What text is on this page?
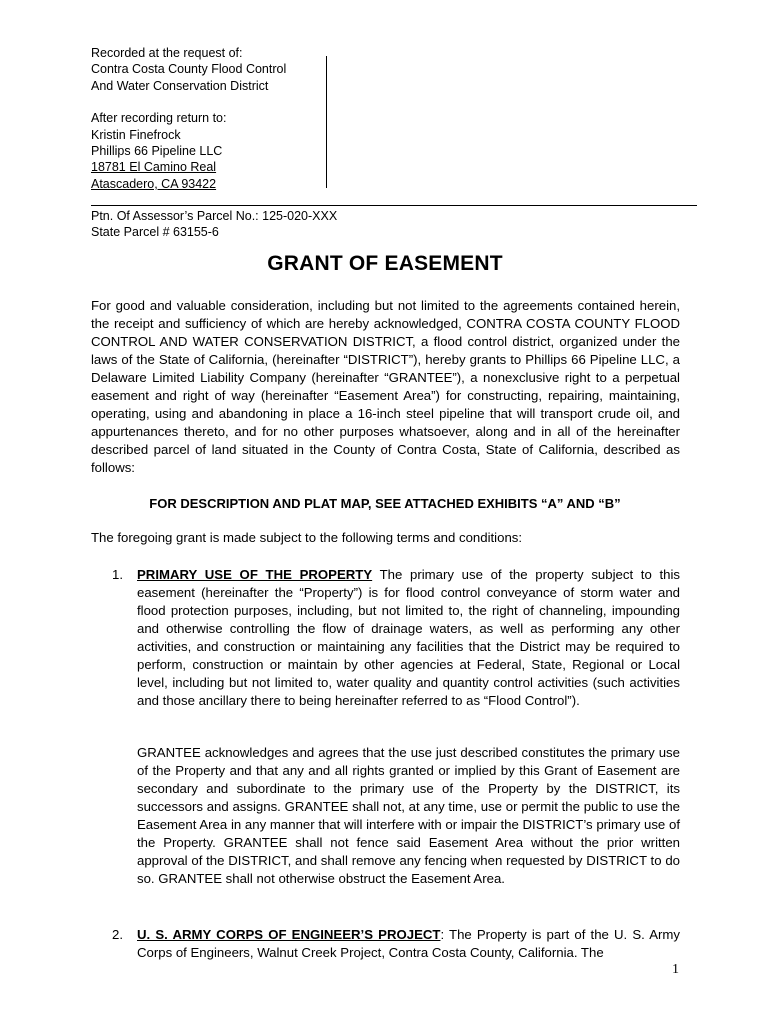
Recorded at the request of:
Contra Costa County Flood Control
And Water Conservation District
After recording return to:
Kristin Finefrock
Phillips 66 Pipeline LLC
18781 El Camino Real
Atascadero, CA 93422
Ptn. Of Assessor’s Parcel No.: 125-020-XXX
State Parcel # 63155-6
GRANT OF EASEMENT
For good and valuable consideration, including but not limited to the agreements contained herein, the receipt and sufficiency of which are hereby acknowledged, CONTRA COSTA COUNTY FLOOD CONTROL AND WATER CONSERVATION DISTRICT, a flood control district, organized under the laws of the State of California, (hereinafter “DISTRICT”), hereby grants to Phillips 66 Pipeline LLC, a Delaware Limited Liability Company (hereinafter “GRANTEE”), a nonexclusive right to a perpetual easement and right of way (hereinafter “Easement Area”) for constructing, repairing, maintaining, operating, using and abandoning in place a 16-inch steel pipeline that will transport crude oil, and appurtenances thereto, and for no other purposes whatsoever, along and in all of the hereinafter described parcel of land situated in the County of Contra Costa, State of California, described as follows:
FOR DESCRIPTION AND PLAT MAP, SEE ATTACHED EXHIBITS “A” AND “B”
The foregoing grant is made subject to the following terms and conditions:
1. PRIMARY USE OF THE PROPERTY The primary use of the property subject to this easement (hereinafter the “Property”) is for flood control conveyance of storm water and flood protection purposes, including, but not limited to, the right of channeling, impounding and otherwise controlling the flow of drainage waters, as well as performing any other activities, and construction or maintaining any facilities that the District may be required to perform, construction or maintain by other agencies at Federal, State, Regional or Local level, including but not limited to, water quality and quantity control activities (such activities and those ancillary there to being hereinafter referred to as “Flood Control”).
GRANTEE acknowledges and agrees that the use just described constitutes the primary use of the Property and that any and all rights granted or implied by this Grant of Easement are secondary and subordinate to the primary use of the Property by the DISTRICT, its successors and assigns. GRANTEE shall not, at any time, use or permit the public to use the Easement Area in any manner that will interfere with or impair the DISTRICT’s primary use of the Property. GRANTEE shall not fence said Easement Area without the prior written approval of the DISTRICT, and shall remove any fencing when requested by DISTRICT to do so. GRANTEE shall not otherwise obstruct the Easement Area.
2. U. S. ARMY CORPS OF ENGINEER’S PROJECT: The Property is part of the U. S. Army Corps of Engineers, Walnut Creek Project, Contra Costa County, California. The
1
